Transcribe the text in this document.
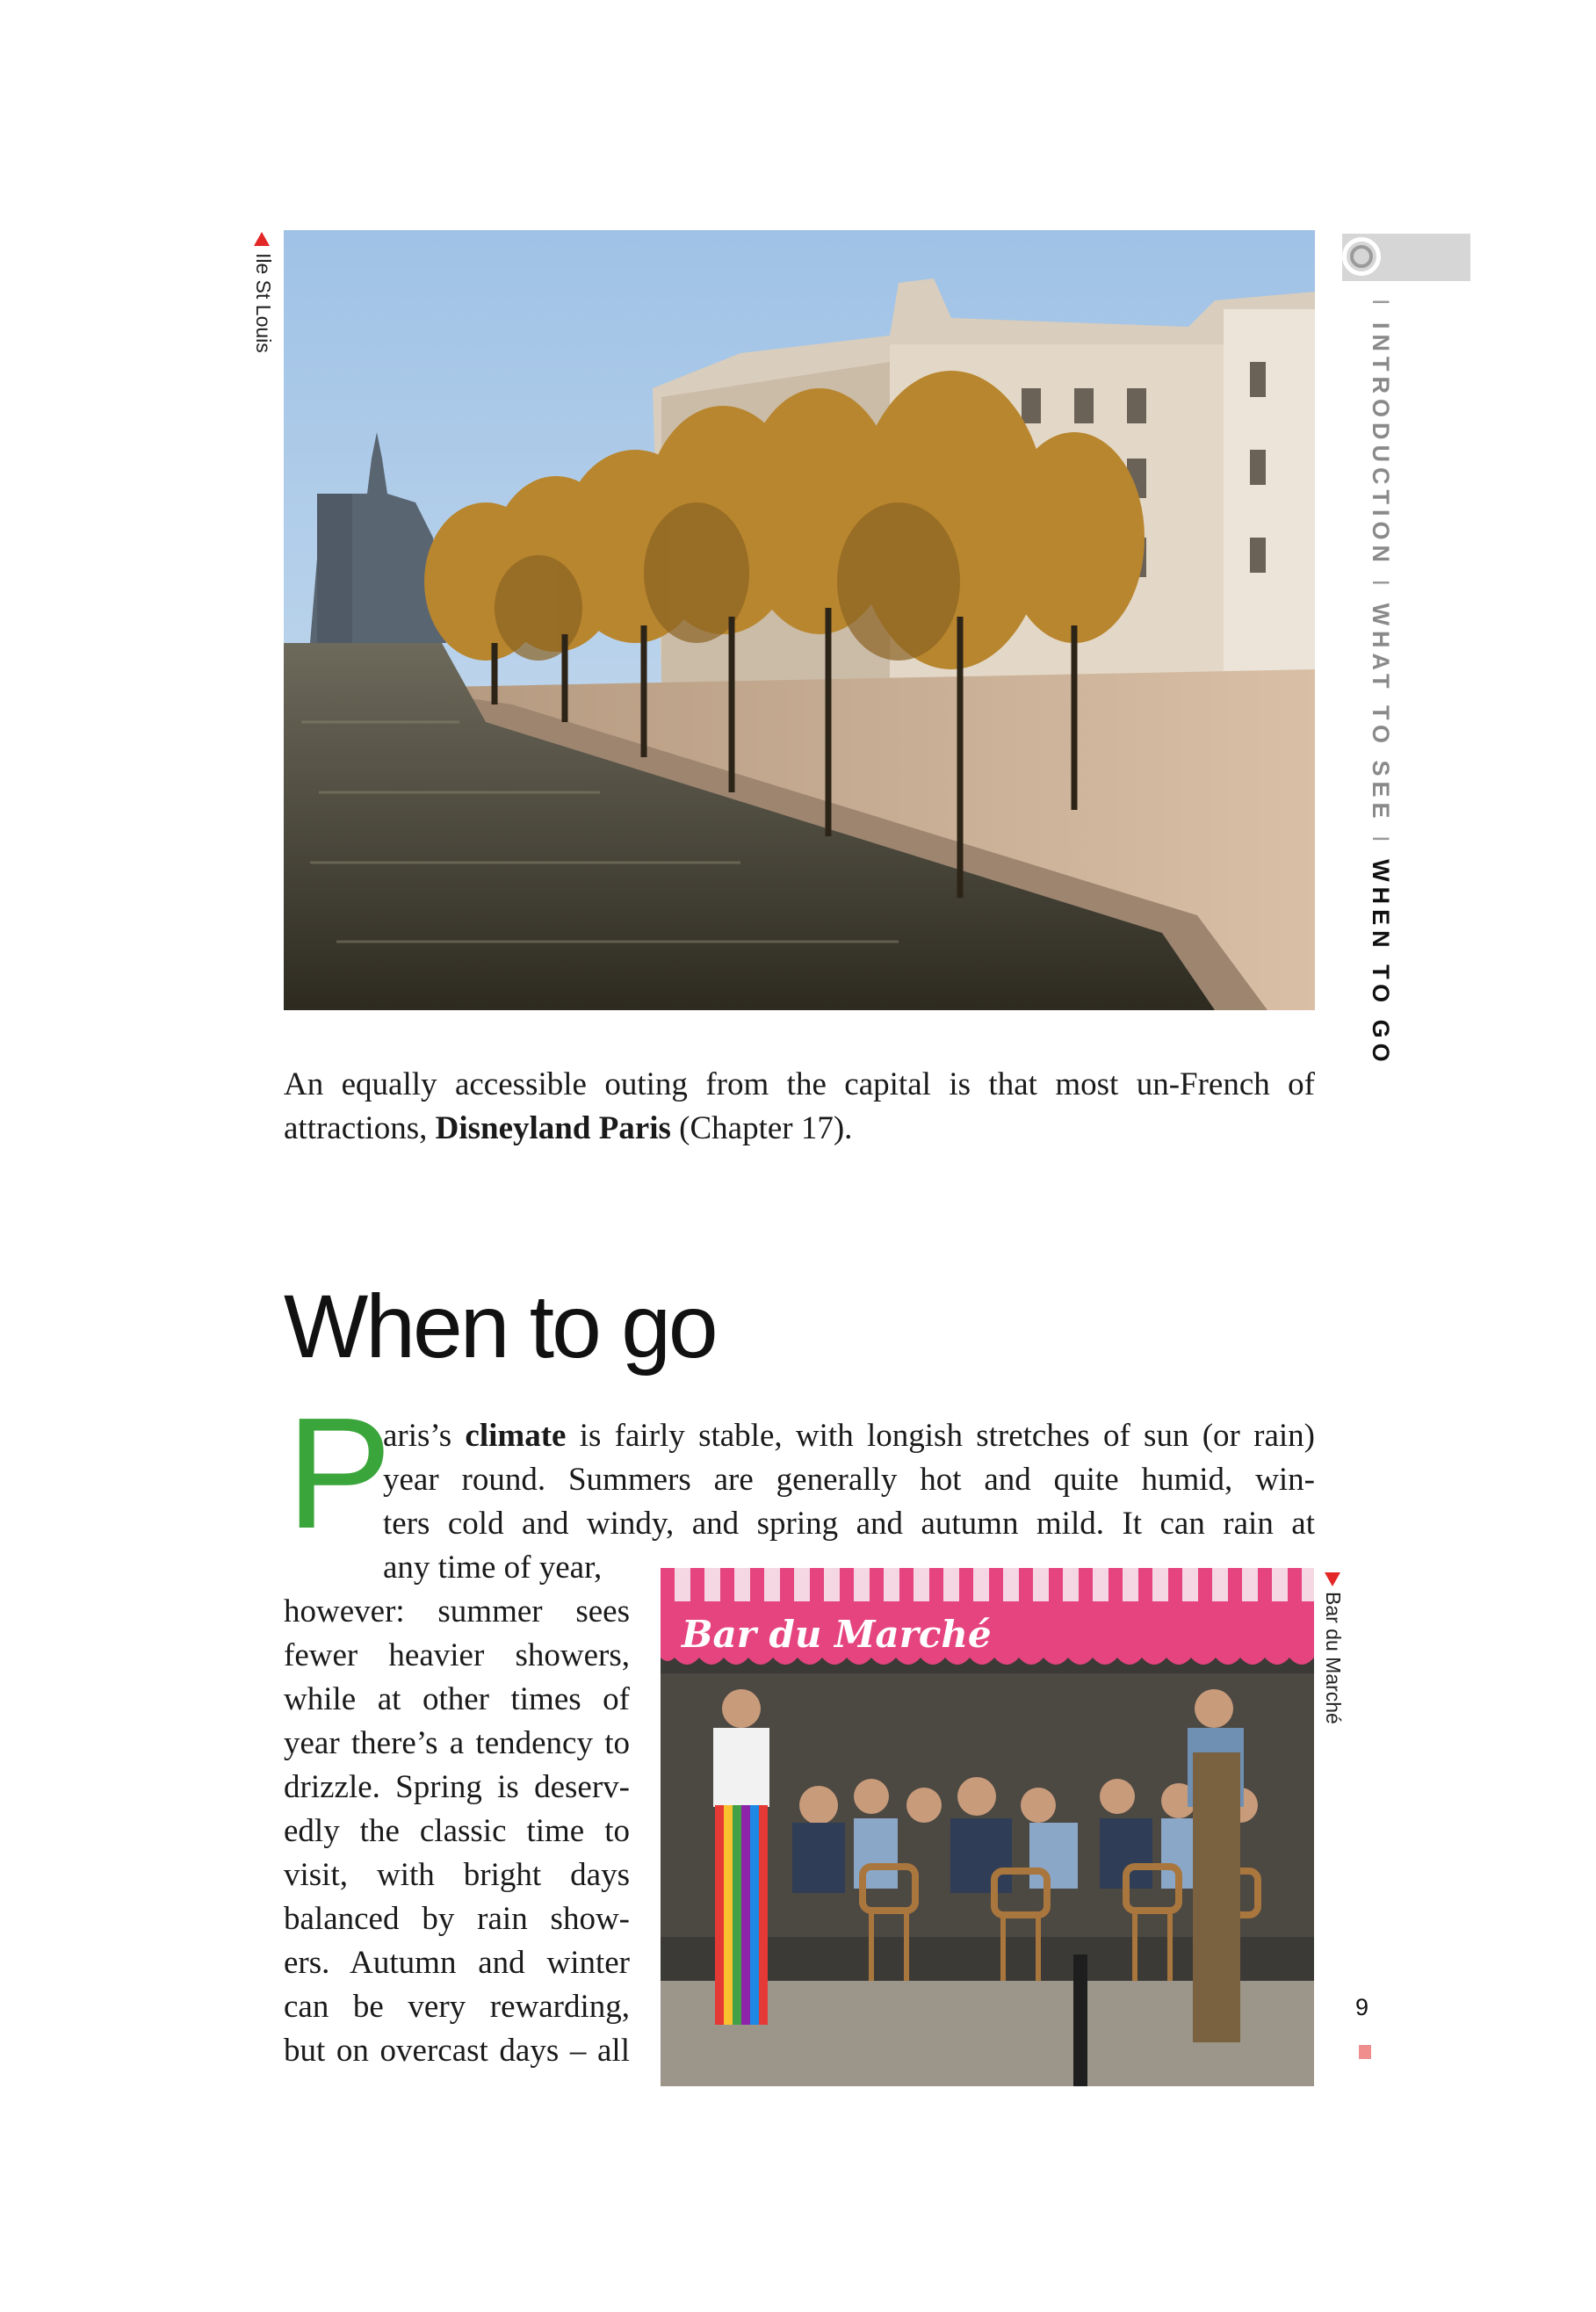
Ile St Louis	I INTRODUCTION I WHAT TO SEE I WHEN TO GO

An equally accessible outing from the capital is that most un-French of attractions, Disneyland Paris (Chapter 17).

When to go
P
aris’s climate is fairly stable, with longish stretches of sun (or rain)
year round. Summers are generally hot and quite humid, win-
ters cold and windy, and spring and autumn mild. It can rain at
any time of year,
however: summer sees
fewer heavier showers,
while at other times of
year there’s a tendency to
drizzle. Spring is deserv-
edly the classic time to
visit, with bright days
balanced by rain show-
ers. Autumn and winter
can be very rewarding,
but on overcast days – all
Bar du Marché	Bar du Marché
9
